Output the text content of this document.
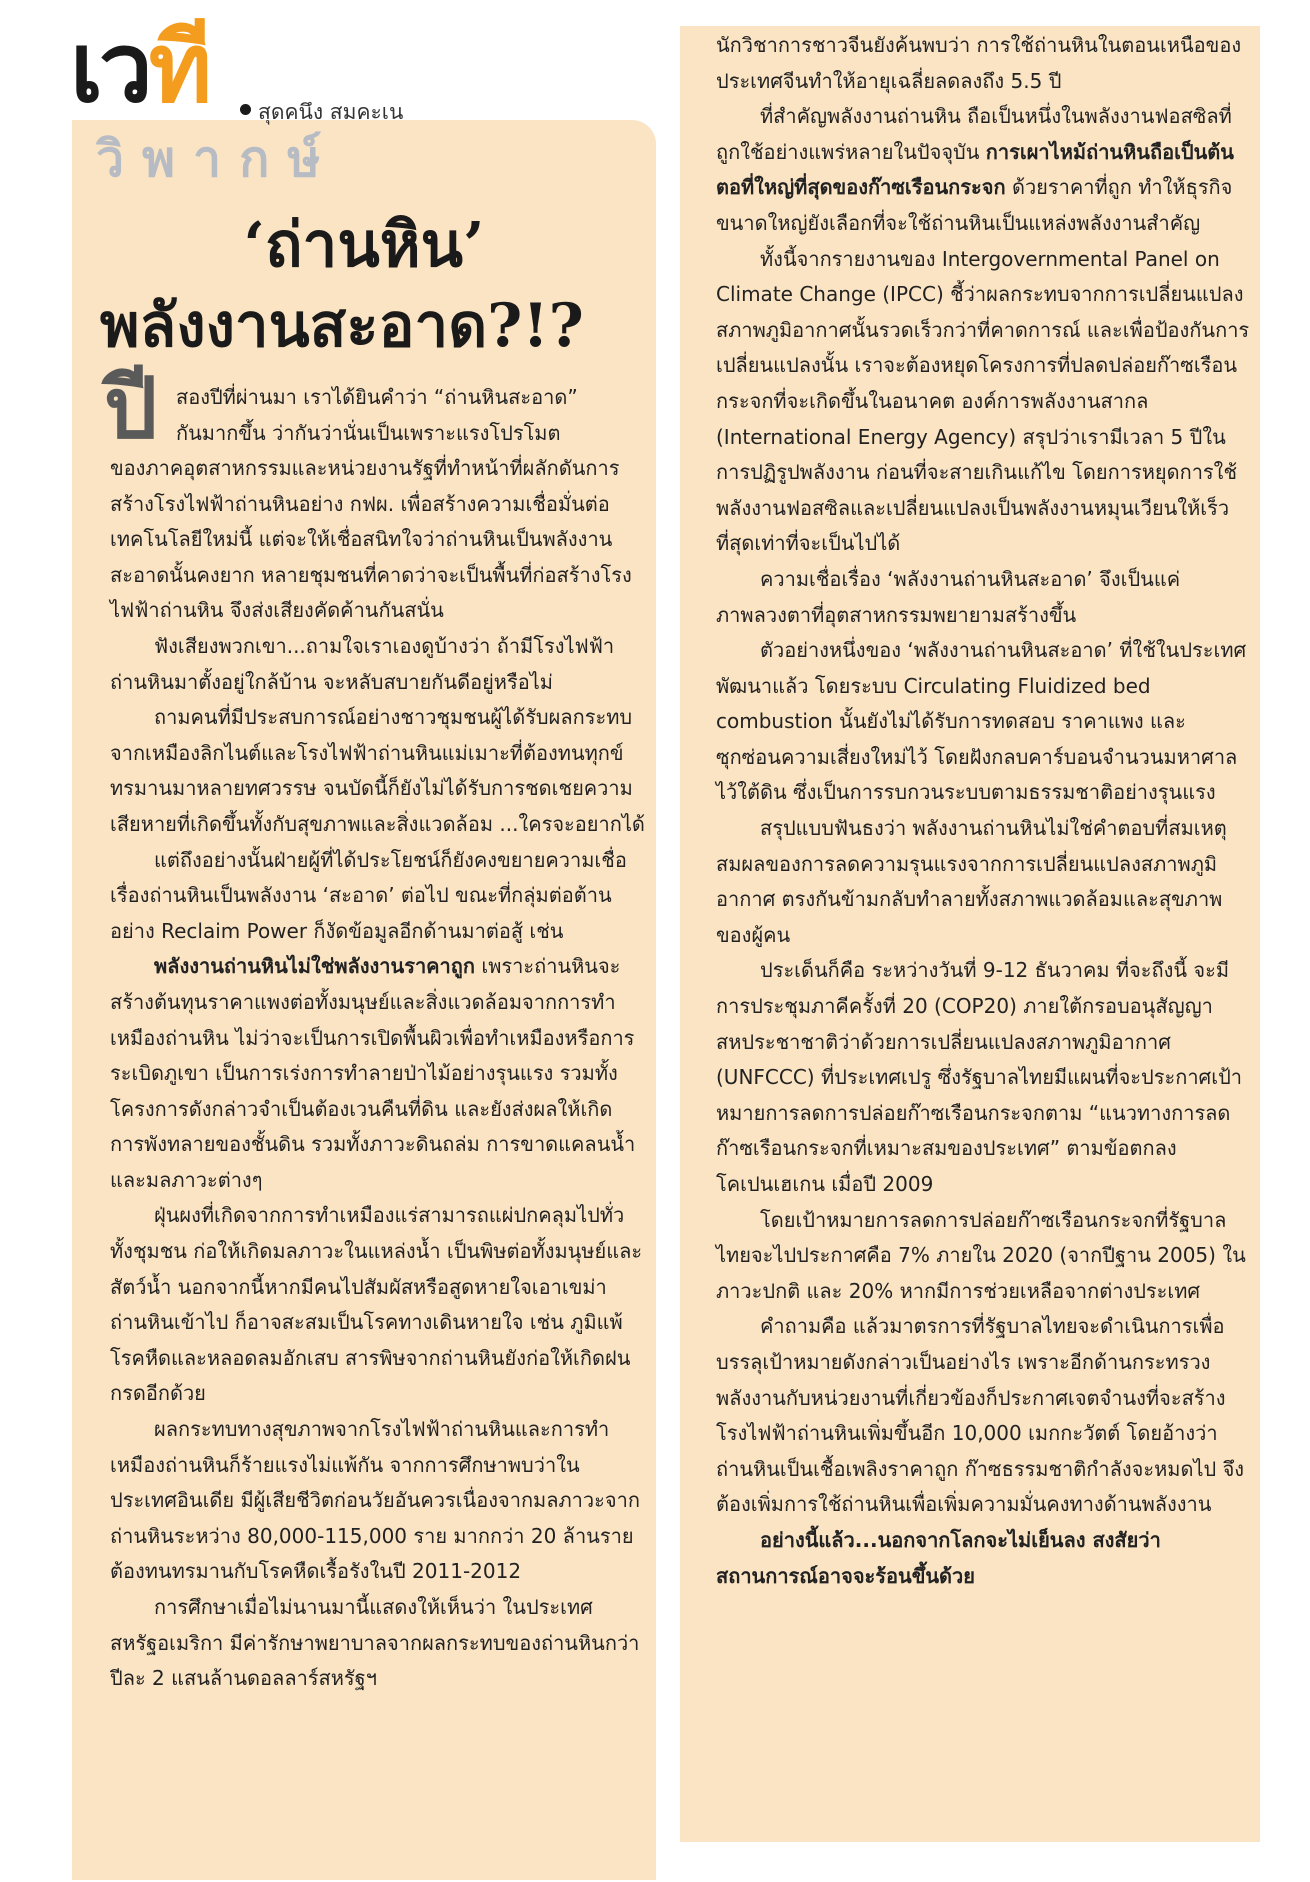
เวที สุดคนึง สมคะเน
วิพากษ์
‘ถ่านหิน’
พลังงานสะอาด?!?
ปี สองปีที่ผ่านมา เราได้ยินคำว่า “ถ่านหินสะอาด”

กันมากขึ้น ว่ากันว่านั่นเป็นเพราะแรงโปรโมต

ของภาคอุตสาหกรรมและหน่วยงานรัฐที่ทำหน้าที่ผลักดันการสร้างโรงไฟฟ้าถ่านหินอย่าง กฟผ. เพื่อสร้างความเชื่อมั่นต่อเทคโนโลยีใหม่นี้ แต่จะให้เชื่อสนิทใจว่าถ่านหินเป็นพลังงานสะอาดนั้นคงยาก หลายชุมชนที่คาดว่าจะเป็นพื้นที่ก่อสร้างโรงไฟฟ้าถ่านหิน จึงส่งเสียงคัดค้านกันสนั่น

ฟังเสียงพวกเขา...ถามใจเราเองดูบ้างว่า ถ้ามีโรงไฟฟ้าถ่านหินมาตั้งอยู่ใกล้บ้าน จะหลับสบายกันดีอยู่หรือไม่

ถามคนที่มีประสบการณ์อย่างชาวชุมชนผู้ได้รับผลกระทบจากเหมืองลิกไนต์และโรงไฟฟ้าถ่านหินแม่เมาะที่ต้องทนทุกข์ทรมานมาหลายทศวรรษ จนบัดนี้ก็ยังไม่ได้รับการชดเชยความเสียหายที่เกิดขึ้นทั้งกับสุขภาพและสิ่งแวดล้อม ...ใครจะอยากได้

แต่ถึงอย่างนั้นฝ่ายผู้ที่ได้ประโยชน์ก็ยังคงขยายความเชื่อเรื่องถ่านหินเป็นพลังงาน ‘สะอาด’ ต่อไป ขณะที่กลุ่มต่อต้านอย่าง Reclaim Power ก็งัดข้อมูลอีกด้านมาต่อสู้ เช่น

พลังงานถ่านหินไม่ใช่พลังงานราคาถูก เพราะถ่านหินจะสร้างต้นทุนราคาแพงต่อทั้งมนุษย์และสิ่งแวดล้อมจากการทำเหมืองถ่านหิน ไม่ว่าจะเป็นการเปิดพื้นผิวเพื่อทำเหมืองหรือการระเบิดภูเขา เป็นการเร่งการทำลายป่าไม้อย่างรุนแรง รวมทั้งโครงการดังกล่าวจำเป็นต้องเวนคืนที่ดิน และยังส่งผลให้เกิดการพังทลายของชั้นดิน รวมทั้งภาวะดินถล่ม การขาดแคลนน้ำ และมลภาวะต่างๆ

ฝุ่นผงที่เกิดจากการทำเหมืองแร่สามารถแผ่ปกคลุมไปทั่วทั้งชุมชน ก่อให้เกิดมลภาวะในแหล่งน้ำ เป็นพิษต่อทั้งมนุษย์และสัตว์น้ำ นอกจากนี้หากมีคนไปสัมผัสหรือสูดหายใจเอาเขม่าถ่านหินเข้าไป ก็อาจสะสมเป็นโรคทางเดินหายใจ เช่น ภูมิแพ้ โรคหืดและหลอดลมอักเสบ สารพิษจากถ่านหินยังก่อให้เกิดฝนกรดอีกด้วย

ผลกระทบทางสุขภาพจากโรงไฟฟ้าถ่านหินและการทำเหมืองถ่านหินก็ร้ายแรงไม่แพ้กัน จากการศึกษาพบว่าในประเทศอินเดีย มีผู้เสียชีวิตก่อนวัยอันควรเนื่องจากมลภาวะจากถ่านหินระหว่าง 80,000-115,000 ราย มากกว่า 20 ล้านรายต้องทนทรมานกับโรคหืดเรื้อรังในปี 2011-2012

การศึกษาเมื่อไม่นานมานี้แสดงให้เห็นว่า ในประเทศสหรัฐอเมริกา มีค่ารักษาพยาบาลจากผลกระทบของถ่านหินกว่าปีละ 2 แสนล้านดอลลาร์สหรัฐฯ

นักวิชาการชาวจีนยังค้นพบว่า การใช้ถ่านหินในตอนเหนือของประเทศจีนทำให้อายุเฉลี่ยลดลงถึง 5.5 ปี

ที่สำคัญพลังงานถ่านหิน ถือเป็นหนึ่งในพลังงานฟอสซิลที่ถูกใช้อย่างแพร่หลายในปัจจุบัน การเผาไหม้ถ่านหินถือเป็นต้นตอที่ใหญ่ที่สุดของก๊าซเรือนกระจก ด้วยราคาที่ถูก ทำให้ธุรกิจขนาดใหญ่ยังเลือกที่จะใช้ถ่านหินเป็นแหล่งพลังงานสำคัญ

ทั้งนี้จากรายงานของ Intergovernmental Panel on Climate Change (IPCC) ชี้ว่าผลกระทบจากการเปลี่ยนแปลงสภาพภูมิอากาศนั้นรวดเร็วกว่าที่คาดการณ์ และเพื่อป้องกันการเปลี่ยนแปลงนั้น เราจะต้องหยุดโครงการที่ปลดปล่อยก๊าซเรือนกระจกที่จะเกิดขึ้นในอนาคต องค์การพลังงานสากล (International Energy Agency) สรุปว่าเรามีเวลา 5 ปีในการปฏิรูปพลังงาน ก่อนที่จะสายเกินแก้ไข โดยการหยุดการใช้พลังงานฟอสซิลและเปลี่ยนแปลงเป็นพลังงานหมุนเวียนให้เร็วที่สุดเท่าที่จะเป็นไปได้

ความเชื่อเรื่อง ‘พลังงานถ่านหินสะอาด’ จึงเป็นแค่ภาพลวงตาที่อุตสาหกรรมพยายามสร้างขึ้น

ตัวอย่างหนึ่งของ ‘พลังงานถ่านหินสะอาด’ ที่ใช้ในประเทศพัฒนาแล้ว โดยระบบ Circulating Fluidized bed combustion นั้นยังไม่ได้รับการทดสอบ ราคาแพง และซุกซ่อนความเสี่ยงใหม่ไว้ โดยฝังกลบคาร์บอนจำนวนมหาศาลไว้ใต้ดิน ซึ่งเป็นการรบกวนระบบตามธรรมชาติอย่างรุนแรง

สรุปแบบฟันธงว่า พลังงานถ่านหินไม่ใช่คำตอบที่สมเหตุสมผลของการลดความรุนแรงจากการเปลี่ยนแปลงสภาพภูมิอากาศ ตรงกันข้ามกลับทำลายทั้งสภาพแวดล้อมและสุขภาพของผู้คน

ประเด็นก็คือ ระหว่างวันที่ 9-12 ธันวาคม ที่จะถึงนี้ จะมีการประชุมภาคีครั้งที่ 20 (COP20) ภายใต้กรอบอนุสัญญาสหประชาชาติว่าด้วยการเปลี่ยนแปลงสภาพภูมิอากาศ (UNFCCC) ที่ประเทศเปรู ซึ่งรัฐบาลไทยมีแผนที่จะประกาศเป้าหมายการลดการปล่อยก๊าซเรือนกระจกตาม “แนวทางการลดก๊าซเรือนกระจกที่เหมาะสมของประเทศ” ตามข้อตกลงโคเปนเฮเกน เมื่อปี 2009

โดยเป้าหมายการลดการปล่อยก๊าซเรือนกระจกที่รัฐบาลไทยจะไปประกาศคือ 7% ภายใน 2020 (จากปีฐาน 2005) ในภาวะปกติ และ 20% หากมีการช่วยเหลือจากต่างประเทศ

คำถามคือ แล้วมาตรการที่รัฐบาลไทยจะดำเนินการเพื่อบรรลุเป้าหมายดังกล่าวเป็นอย่างไร เพราะอีกด้านกระทรวงพลังงานกับหน่วยงานที่เกี่ยวข้องก็ประกาศเจตจำนงที่จะสร้างโรงไฟฟ้าถ่านหินเพิ่มขึ้นอีก 10,000 เมกกะวัตต์ โดยอ้างว่า ถ่านหินเป็นเชื้อเพลิงราคาถูก ก๊าซธรรมชาติกำลังจะหมดไป จึงต้องเพิ่มการใช้ถ่านหินเพื่อเพิ่มความมั่นคงทางด้านพลังงาน

อย่างนี้แล้ว...นอกจากโลกจะไม่เย็นลง สงสัยว่าสถานการณ์อาจจะร้อนขึ้นด้วย
